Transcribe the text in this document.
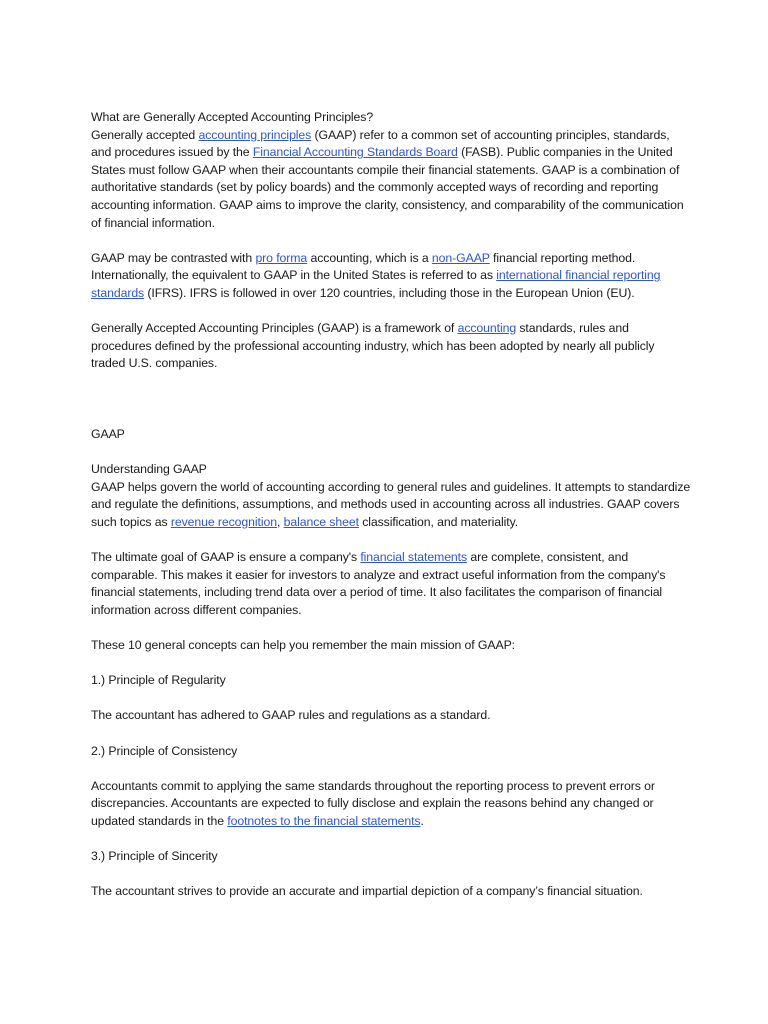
What are Generally Accepted Accounting Principles?

Generally accepted accounting principles (GAAP) refer to a common set of accounting principles, standards, and procedures issued by the Financial Accounting Standards Board (FASB). Public companies in the United States must follow GAAP when their accountants compile their financial statements. GAAP is a combination of authoritative standards (set by policy boards) and the commonly accepted ways of recording and reporting accounting information. GAAP aims to improve the clarity, consistency, and comparability of the communication of financial information.

GAAP may be contrasted with pro forma accounting, which is a non-GAAP financial reporting method. Internationally, the equivalent to GAAP in the United States is referred to as international financial reporting standards (IFRS). IFRS is followed in over 120 countries, including those in the European Union (EU).

Generally Accepted Accounting Principles (GAAP) is a framework of accounting standards, rules and procedures defined by the professional accounting industry, which has been adopted by nearly all publicly traded U.S. companies.

GAAP

Understanding GAAP

GAAP helps govern the world of accounting according to general rules and guidelines. It attempts to standardize and regulate the definitions, assumptions, and methods used in accounting across all industries. GAAP covers such topics as revenue recognition, balance sheet classification, and materiality.

The ultimate goal of GAAP is ensure a company's financial statements are complete, consistent, and comparable. This makes it easier for investors to analyze and extract useful information from the company's financial statements, including trend data over a period of time. It also facilitates the comparison of financial information across different companies.

These 10 general concepts can help you remember the main mission of GAAP:

1.) Principle of Regularity

The accountant has adhered to GAAP rules and regulations as a standard.

2.) Principle of Consistency

Accountants commit to applying the same standards throughout the reporting process to prevent errors or discrepancies. Accountants are expected to fully disclose and explain the reasons behind any changed or updated standards in the footnotes to the financial statements.

3.) Principle of Sincerity

The accountant strives to provide an accurate and impartial depiction of a company’s financial situation.
